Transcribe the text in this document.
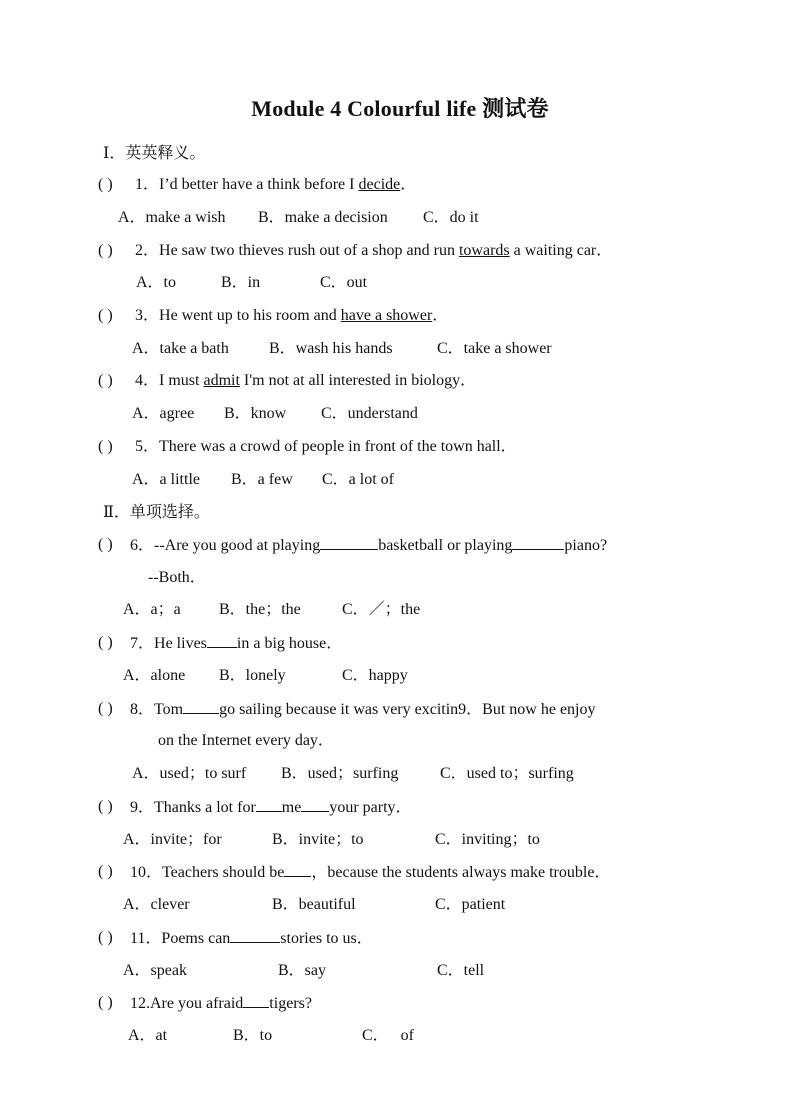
Module 4 Colourful life 测试卷
Ⅰ．英英释义。
( ) 1．I’d better have a think before I decide．
A．make a wish B．make a decision C．do it
( ) 2．He saw two thieves rush out of a shop and run towards a waiting car．
A．to	B．in	C．out
( ) 3．He went up to his room and have a shower．
A．take a bath	B．wash his hands	C．take a shower
( ) 4．I must admit I'm not at all interested in biology．
A．agree B．know C．understand
( ) 5．There was a crowd of people in front of the town hall．
A．a little B．a few C．a lot of
Ⅱ．单项选择。
( ) 6．--Are you good at playing	basketball or playing	piano?
--Both．
A．a；a B．the；the	C．／；the
( ) 7．He lives in a big house．
A．alone B．lonely	C．happy
( ) 8．Tom go sailing because it was very excitin9．But now he enjoy
on the Internet every day．
A．used；to surf B．used；surfing	C．used to；surfing
( ) 9．Thanks a lot for me your party．
A．invite；for	B．invite；to	C．inviting；to
( ) 10．Teachers should be ，because the students always make trouble．
A．clever	B．beautiful	C．patient
( ) 11．Poems can	stories to us．
A．speak	B．say	C．tell
( ) 12.Are you afraid tigers?
A．at	B．to	C．   of
